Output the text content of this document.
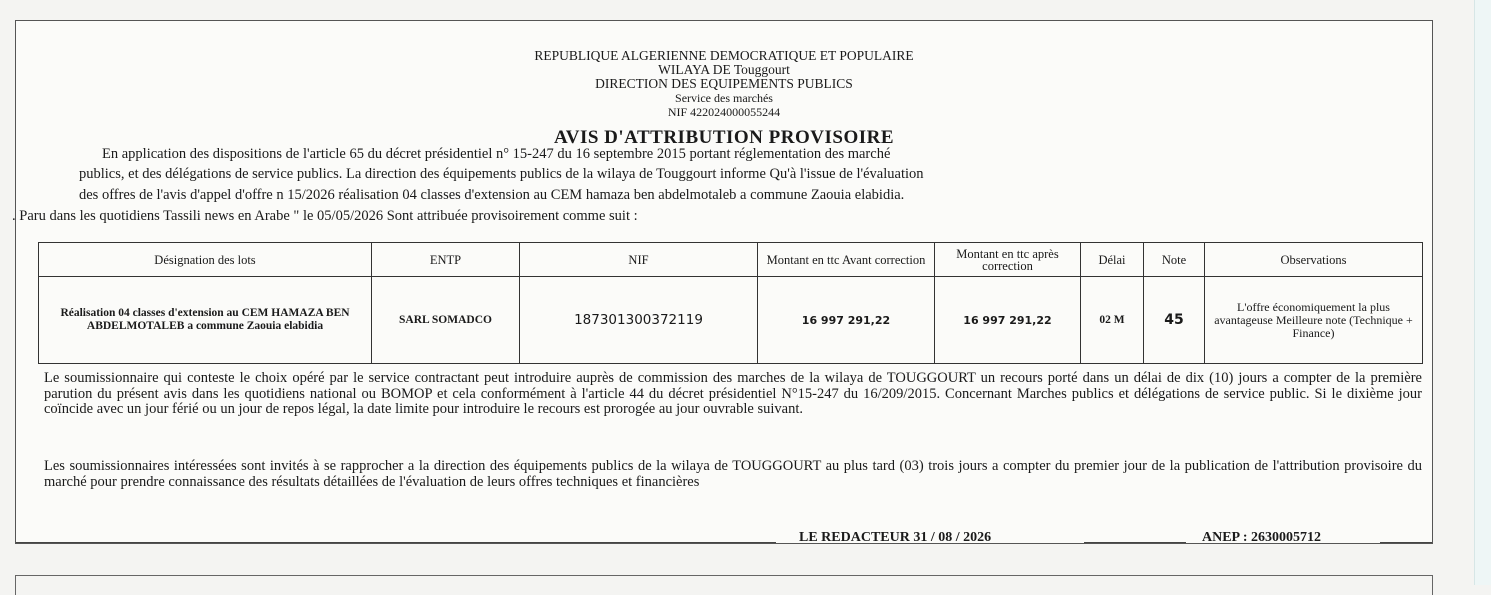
REPUBLIQUE ALGERIENNE DEMOCRATIQUE ET POPULAIRE
WILAYA DE Touggourt
DIRECTION DES EQUIPEMENTS PUBLICS
Service des marchés
NIF 422024000055244
AVIS D'ATTRIBUTION PROVISOIRE
En application des dispositions de l'article 65 du décret présidentiel n° 15-247 du 16 septembre 2015 portant réglementation des marché
publics, et des délégations de service publics. La direction des équipements publics de la wilaya de Touggourt informe Qu'à l'issue de l'évaluation
des offres de l'avis d'appel d'offre n 15/2026 réalisation 04 classes d'extension au CEM hamaza ben abdelmotaleb a commune Zaouia elabidia.
. Paru dans les quotidiens Tassili news en Arabe " le 05/05/2026 Sont attribuée provisoirement comme suit :
Désignation des lots	ENTP	NIF	Montant en ttc Avant correction	Montant en ttc après correction	Délai	Note	Observations
Réalisation 04 classes d'extension au CEM HAMAZA BEN ABDELMOTALEB a commune Zaouia elabidia	SARL SOMADCO	187301300372119	16 997 291,22	16 997 291,22	02 M	45	L'offre économiquement la plus avantageuse Meilleure note (Technique + Finance)
Le soumissionnaire qui conteste le choix opéré par le service contractant peut introduire auprès de commission des marches de la wilaya de TOUGGOURT un recours porté dans un délai de dix (10) jours a compter de la première parution du présent avis dans les quotidiens national ou BOMOP et cela conformément à l'article 44 du décret présidentiel N°15-247 du 16/209/2015. Concernant Marches publics et délégations de service public. Si le dixième jour coïncide avec un jour férié ou un jour de repos légal, la date limite pour introduire le recours est prorogée au jour ouvrable suivant.
Les soumissionnaires intéressées sont invités à se rapprocher a la direction des équipements publics de la wilaya de TOUGGOURT au plus tard (03) trois jours a compter du premier jour de la publication de l'attribution provisoire du marché pour prendre connaissance des résultats détaillées de l'évaluation de leurs offres techniques et financières
LE REDACTEUR 31 / 08 / 2026	ANEP : 2630005712
